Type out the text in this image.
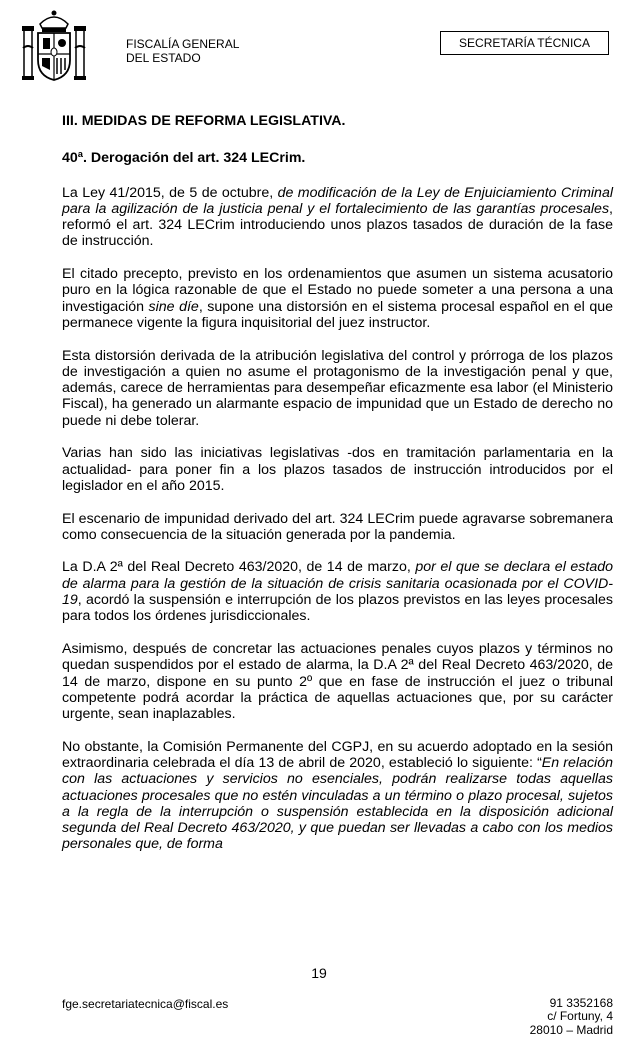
FISCALÍA GENERAL
DEL ESTADO
SECRETARÍA TÉCNICA
III. MEDIDAS DE REFORMA LEGISLATIVA.
40ª. Derogación del art. 324 LECrim.

La Ley 41/2015, de 5 de octubre, de modificación de la Ley de Enjuiciamiento Criminal para la agilización de la justicia penal y el fortalecimiento de las garantías procesales, reformó el art. 324 LECrim introduciendo unos plazos tasados de duración de la fase de instrucción.

El citado precepto, previsto en los ordenamientos que asumen un sistema acusatorio puro en la lógica razonable de que el Estado no puede someter a una persona a una investigación sine díe, supone una distorsión en el sistema procesal español en el que permanece vigente la figura inquisitorial del juez instructor.

Esta distorsión derivada de la atribución legislativa del control y prórroga de los plazos de investigación a quien no asume el protagonismo de la investigación penal y que, además, carece de herramientas para desempeñar eficazmente esa labor (el Ministerio Fiscal), ha generado un alarmante espacio de impunidad que un Estado de derecho no puede ni debe tolerar.

Varias han sido las iniciativas legislativas -dos en tramitación parlamentaria en la actualidad- para poner fin a los plazos tasados de instrucción introducidos por el legislador en el año 2015.

El escenario de impunidad derivado del art. 324 LECrim puede agravarse sobremanera como consecuencia de la situación generada por la pandemia.

La D.A 2ª del Real Decreto 463/2020, de 14 de marzo, por el que se declara el estado de alarma para la gestión de la situación de crisis sanitaria ocasionada por el COVID-19, acordó la suspensión e interrupción de los plazos previstos en las leyes procesales para todos los órdenes jurisdiccionales.

Asimismo, después de concretar las actuaciones penales cuyos plazos y términos no quedan suspendidos por el estado de alarma, la D.A 2ª del Real Decreto 463/2020, de 14 de marzo, dispone en su punto 2º que en fase de instrucción el juez o tribunal competente podrá acordar la práctica de aquellas actuaciones que, por su carácter urgente, sean inaplazables.

No obstante, la Comisión Permanente del CGPJ, en su acuerdo adoptado en la sesión extraordinaria celebrada el día 13 de abril de 2020, estableció lo siguiente: “En relación con las actuaciones y servicios no esenciales, podrán realizarse todas aquellas actuaciones procesales que no estén vinculadas a un término o plazo procesal, sujetos a la regla de la interrupción o suspensión establecida en la disposición adicional segunda del Real Decreto 463/2020, y que puedan ser llevadas a cabo con los medios personales que, de forma

19
fge.secretariatecnica@fiscal.es	91 3352168
c/ Fortuny, 4
28010 – Madrid
